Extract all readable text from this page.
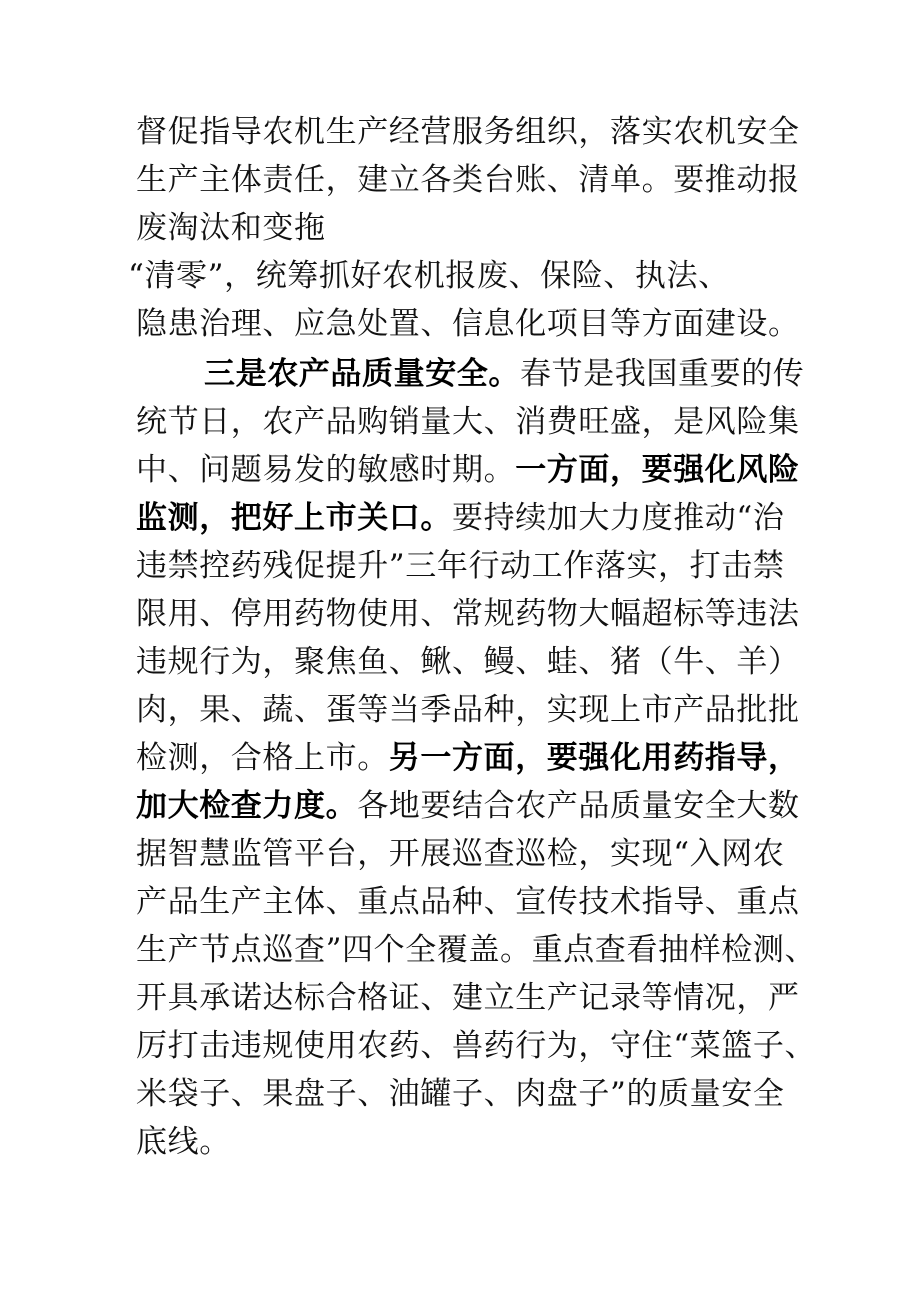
督促指导农机生产经营服务组织，落实农机安全
生产主体责任，建立各类台账、清单。要推动报
废淘汰和变拖
“清零”，统筹抓好农机报废、保险、执法、
隐患治理、应急处置、信息化项目等方面建设。
三是农产品质量安全。春节是我国重要的传
统节日，农产品购销量大、消费旺盛，是风险集
中、问题易发的敏感时期。一方面，要强化风险
监测，把好上市关口。要持续加大力度推动“治
违禁控药残促提升”三年行动工作落实，打击禁
限用、停用药物使用、常规药物大幅超标等违法
违规行为，聚焦鱼、鳅、鳗、蛙、猪（牛、羊）
肉，果、蔬、蛋等当季品种，实现上市产品批批
检测，合格上市。另一方面，要强化用药指导，
加大检查力度。各地要结合农产品质量安全大数
据智慧监管平台，开展巡查巡检，实现“入网农
产品生产主体、重点品种、宣传技术指导、重点
生产节点巡查”四个全覆盖。重点查看抽样检测、
开具承诺达标合格证、建立生产记录等情况，严
厉打击违规使用农药、兽药行为，守住“菜篮子、
米袋子、果盘子、油罐子、肉盘子”的质量安全
底线。
